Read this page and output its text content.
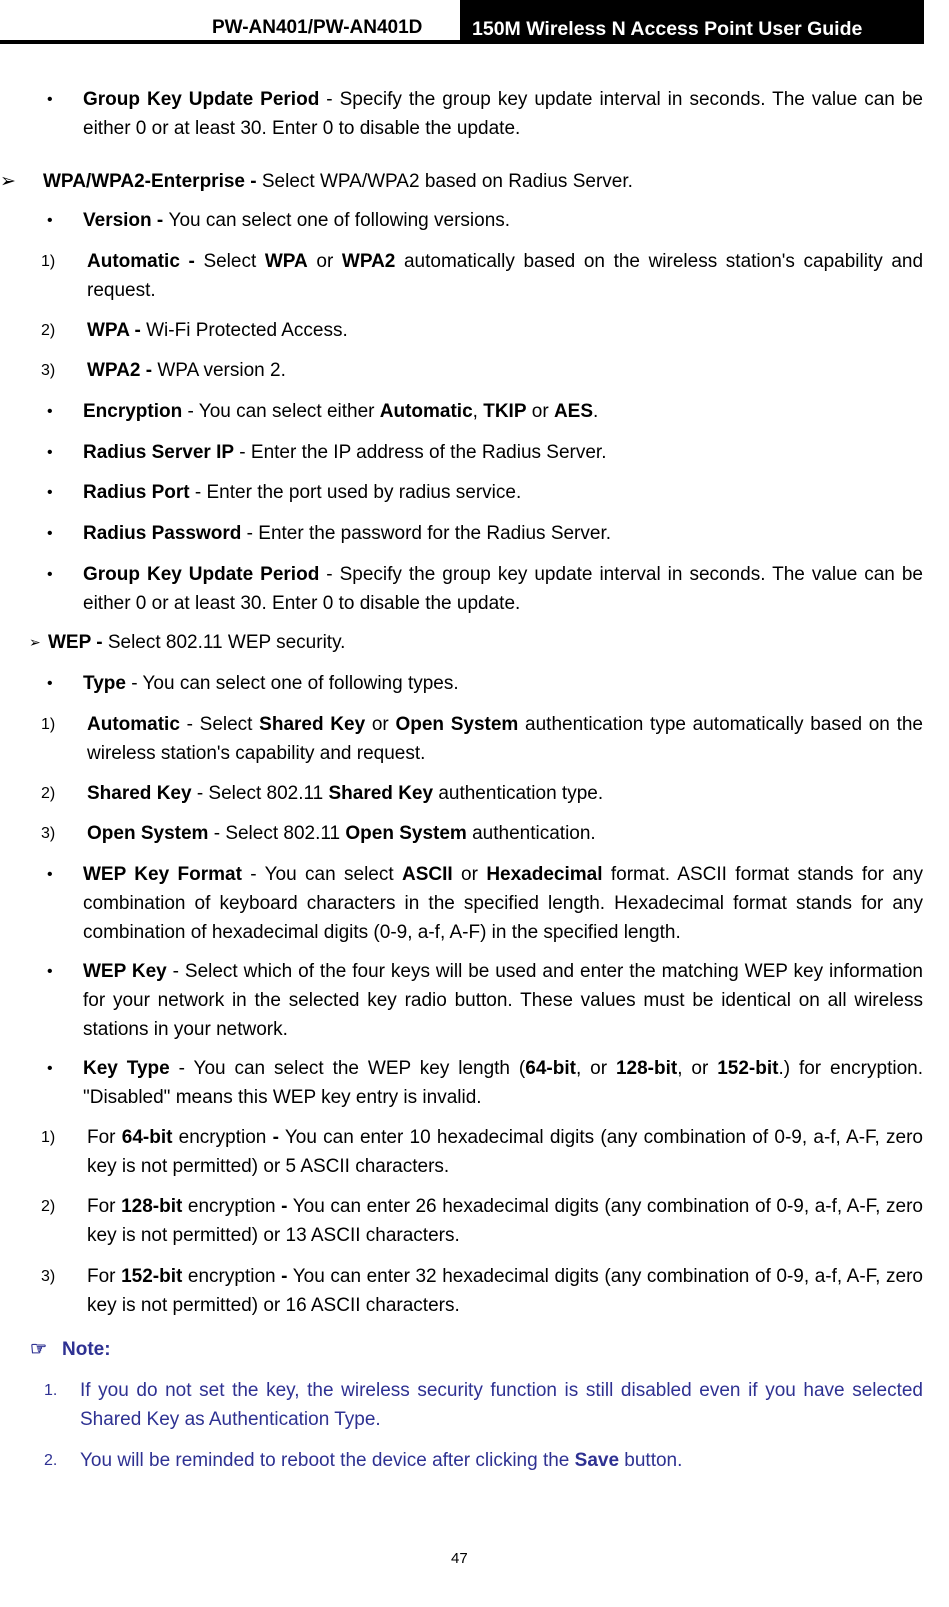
PW-AN401/PW-AN401D	150M Wireless N Access Point User Guide
• Group Key Update Period - Specify the group key update interval in seconds. The value can be either 0 or at least 30. Enter 0 to disable the update.
➢ WPA/WPA2-Enterprise - Select WPA/WPA2 based on Radius Server.
• Version - You can select one of following versions.
1) Automatic - Select WPA or WPA2 automatically based on the wireless station's capability and request.
2) WPA - Wi-Fi Protected Access.
3) WPA2 - WPA version 2.
• Encryption - You can select either Automatic, TKIP or AES.
• Radius Server IP - Enter the IP address of the Radius Server.
• Radius Port - Enter the port used by radius service.
• Radius Password - Enter the password for the Radius Server.
• Group Key Update Period - Specify the group key update interval in seconds. The value can be either 0 or at least 30. Enter 0 to disable the update.
➢ WEP - Select 802.11 WEP security.
• Type - You can select one of following types.
1) Automatic - Select Shared Key or Open System authentication type automatically based on the wireless station's capability and request.
2) Shared Key - Select 802.11 Shared Key authentication type.
3) Open System - Select 802.11 Open System authentication.
• WEP Key Format - You can select ASCII or Hexadecimal format. ASCII format stands for any combination of keyboard characters in the specified length. Hexadecimal format stands for any combination of hexadecimal digits (0-9, a-f, A-F) in the specified length.
• WEP Key - Select which of the four keys will be used and enter the matching WEP key information for your network in the selected key radio button. These values must be identical on all wireless stations in your network.
• Key Type - You can select the WEP key length (64-bit, or 128-bit, or 152-bit.) for encryption. "Disabled" means this WEP key entry is invalid.
1) For 64-bit encryption - You can enter 10 hexadecimal digits (any combination of 0-9, a-f, A-F, zero key is not permitted) or 5 ASCII characters.
2) For 128-bit encryption - You can enter 26 hexadecimal digits (any combination of 0-9, a-f, A-F, zero key is not permitted) or 13 ASCII characters.
3) For 152-bit encryption - You can enter 32 hexadecimal digits (any combination of 0-9, a-f, A-F, zero key is not permitted) or 16 ASCII characters.
☞ Note:
1. If you do not set the key, the wireless security function is still disabled even if you have selected Shared Key as Authentication Type.
2. You will be reminded to reboot the device after clicking the Save button.
47
